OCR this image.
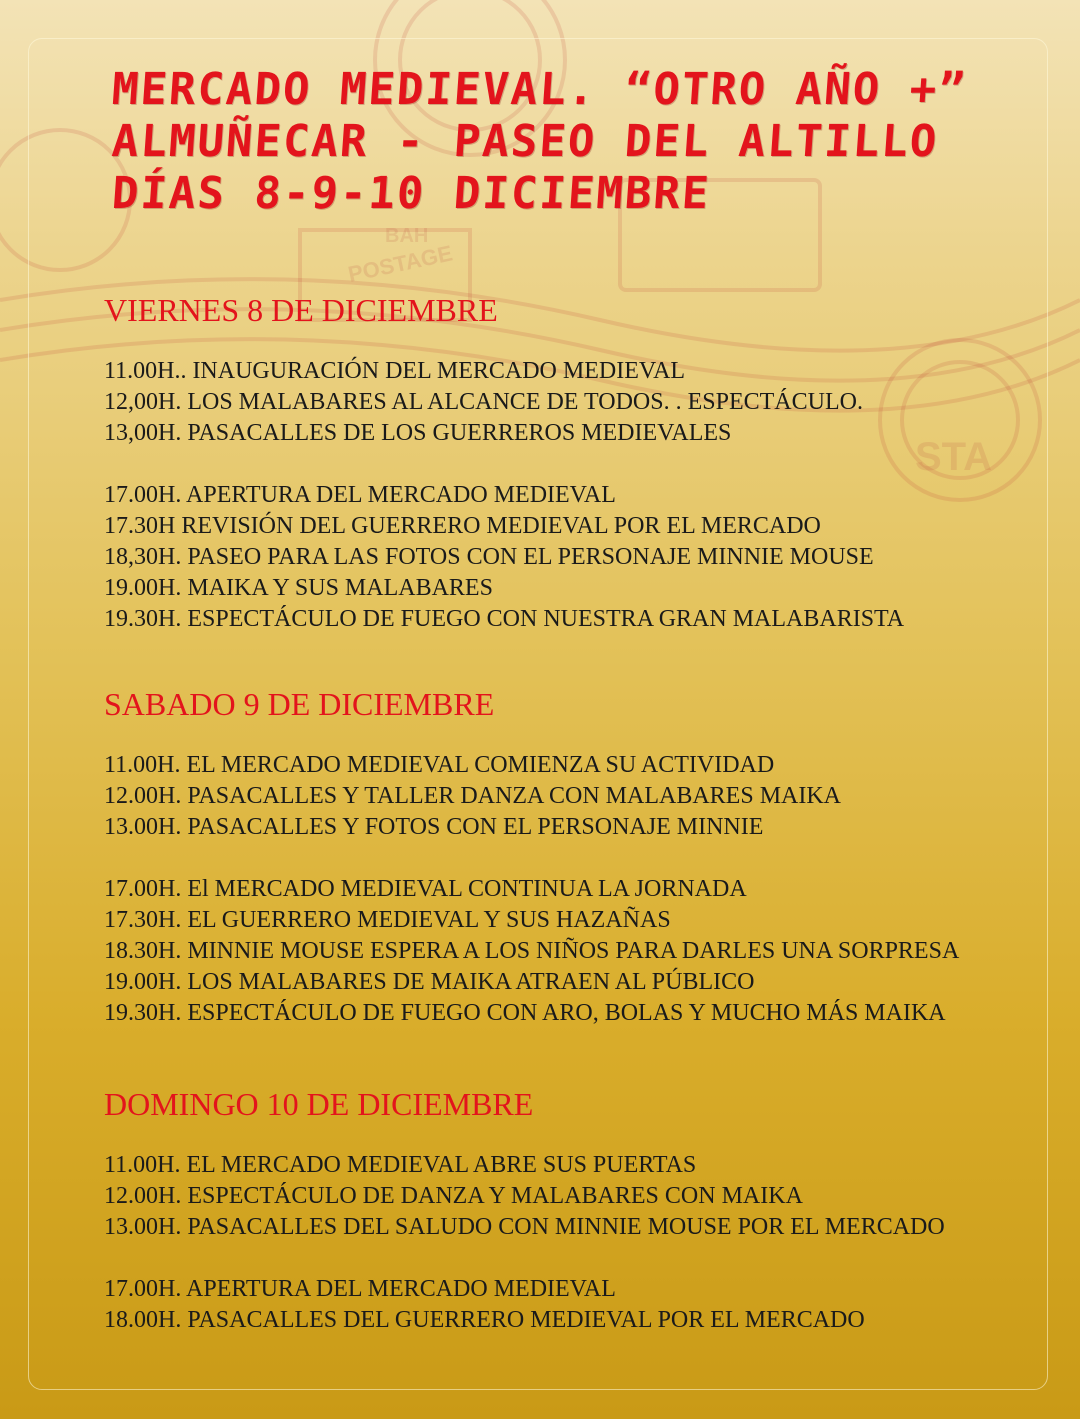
POSTAGE
BAH
STA
MERCADO MEDIEVAL. “OTRO AÑO +”
ALMUÑECAR - PASEO DEL ALTILLO
DÍAS 8-9-10 DICIEMBRE
VIERNES 8 DE DICIEMBRE
11.00H.. INAUGURACIÓN DEL MERCADO MEDIEVAL
12,00H. LOS MALABARES AL ALCANCE DE TODOS. . ESPECTÁCULO.
13,00H. PASACALLES DE LOS GUERREROS MEDIEVALES
17.00H. APERTURA DEL MERCADO MEDIEVAL
17.30H REVISIÓN DEL GUERRERO MEDIEVAL POR EL MERCADO
18,30H. PASEO PARA LAS FOTOS CON EL PERSONAJE MINNIE MOUSE
19.00H. MAIKA Y SUS MALABARES
19.30H. ESPECTÁCULO DE FUEGO CON NUESTRA GRAN MALABARISTA
SABADO 9 DE DICIEMBRE
11.00H. EL MERCADO MEDIEVAL COMIENZA SU ACTIVIDAD
12.00H. PASACALLES Y TALLER DANZA CON MALABARES MAIKA
13.00H. PASACALLES Y FOTOS CON EL PERSONAJE MINNIE
17.00H. El MERCADO MEDIEVAL CONTINUA LA JORNADA
17.30H. EL GUERRERO MEDIEVAL Y SUS HAZAÑAS
18.30H. MINNIE MOUSE ESPERA A LOS NIÑOS PARA DARLES UNA SORPRESA
19.00H. LOS MALABARES DE MAIKA ATRAEN AL PÚBLICO
19.30H. ESPECTÁCULO DE FUEGO CON ARO, BOLAS Y MUCHO MÁS MAIKA
DOMINGO 10 DE DICIEMBRE
11.00H. EL MERCADO MEDIEVAL ABRE SUS PUERTAS
12.00H. ESPECTÁCULO DE DANZA Y MALABARES CON MAIKA
13.00H. PASACALLES DEL SALUDO CON MINNIE MOUSE POR EL MERCADO
17.00H. APERTURA DEL MERCADO MEDIEVAL
18.00H. PASACALLES DEL GUERRERO MEDIEVAL POR EL MERCADO
